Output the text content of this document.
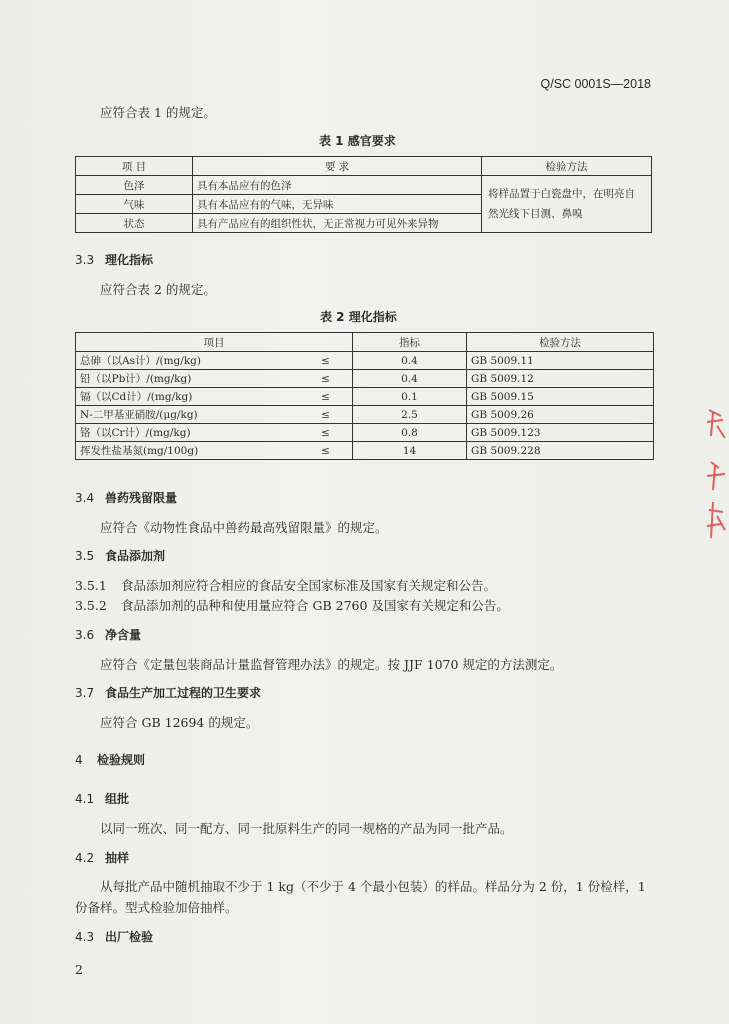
Q/SC 0001S—2018
应符合表 1 的规定。
表 1 感官要求
项 目	要 求	检验方法
色泽	具有本品应有的色泽	将样品置于白瓷盘中，在明亮自然光线下目测、鼻嗅
气味	具有本品应有的气味，无异味	
状态	具有产品应有的组织性状，无正常视力可见外来异物	
3.3 理化指标
应符合表 2 的规定。
表 2 理化指标
项目		指标	检验方法
总砷（以As计）/(mg/kg)	≤	0.4	GB 5009.11
铅（以Pb计）/(mg/kg)	≤	0.4	GB 5009.12
镉（以Cd计）/(mg/kg)	≤	0.1	GB 5009.15
N-二甲基亚硝胺/(μg/kg)	≤	2.5	GB 5009.26
铬（以Cr计）/(mg/kg)	≤	0.8	GB 5009.123
挥发性盐基氮(mg/100g)	≤	14	GB 5009.228
3.4 兽药残留限量
应符合《动物性食品中兽药最高残留限量》的规定。
3.5 食品添加剂
3.5.1 食品添加剂应符合相应的食品安全国家标准及国家有关规定和公告。
3.5.2 食品添加剂的品种和使用量应符合 GB 2760 及国家有关规定和公告。
3.6 净含量
应符合《定量包装商品计量监督管理办法》的规定。按 JJF 1070 规定的方法测定。
3.7 食品生产加工过程的卫生要求
应符合 GB 12694 的规定。
4 检验规则
4.1 组批
以同一班次、同一配方、同一批原料生产的同一规格的产品为同一批产品。
4.2 抽样
从每批产品中随机抽取不少于 1 kg（不少于 4 个最小包装）的样品。样品分为 2 份，1 份检样，1
份备样。型式检验加倍抽样。
4.3 出厂检验
2
